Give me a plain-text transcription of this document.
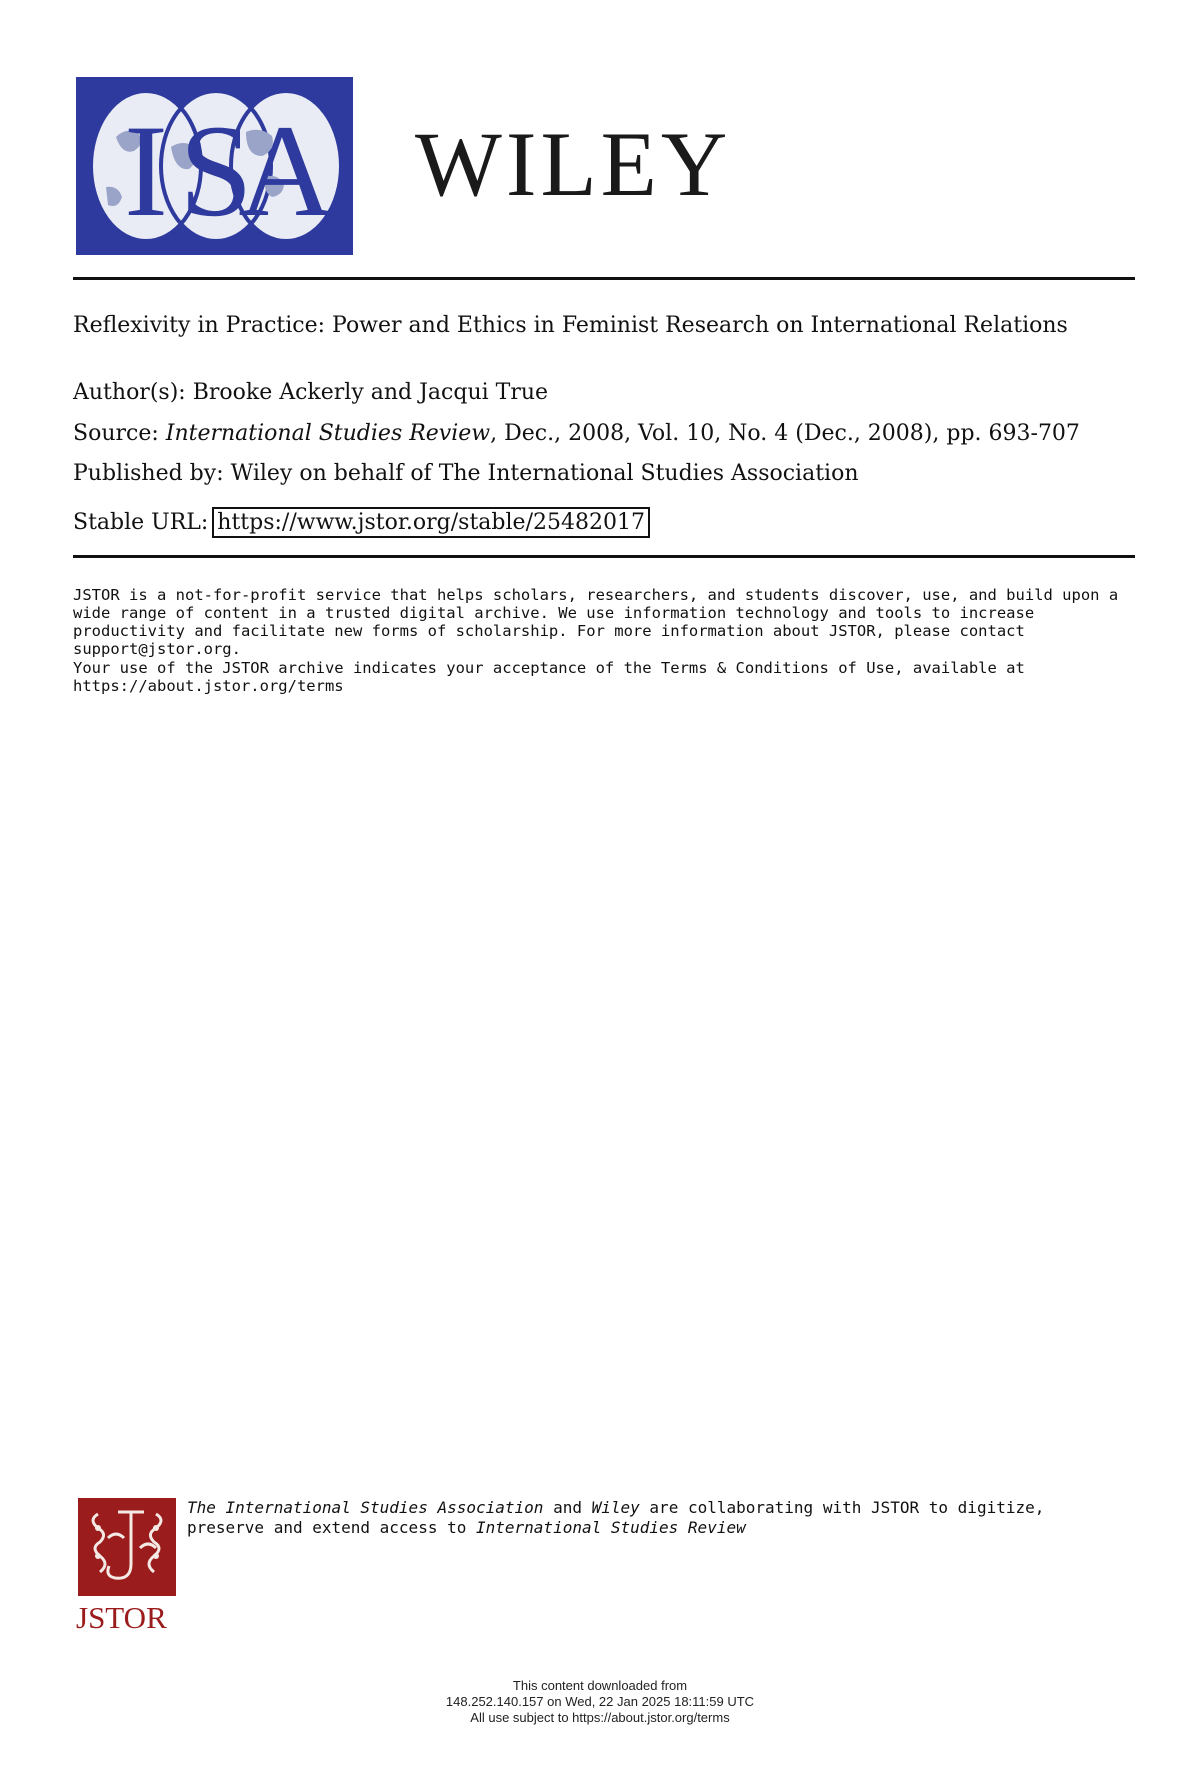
I S
A WILEY
Reflexivity in Practice: Power and Ethics in Feminist Research on International Relations
Author(s): Brooke Ackerly and Jacqui True
Source: International Studies Review, Dec., 2008, Vol. 10, No. 4 (Dec., 2008), pp. 693-707
Published by: Wiley on behalf of The International Studies Association
Stable URL: https://www.jstor.org/stable/25482017
JSTOR is a not-for-profit service that helps scholars, researchers, and students discover, use, and build upon a wide range of content in a trusted digital archive. We use information technology and tools to increase productivity and facilitate new forms of scholarship. For more information about JSTOR, please contact support@jstor.org.
Your use of the JSTOR archive indicates your acceptance of the Terms & Conditions of Use, available at https://about.jstor.org/terms
JSTOR
The International Studies Association and Wiley are collaborating with JSTOR to digitize, preserve and extend access to International Studies Review
This content downloaded from
148.252.140.157 on Wed, 22 Jan 2025 18:11:59 UTC
All use subject to https://about.jstor.org/terms
